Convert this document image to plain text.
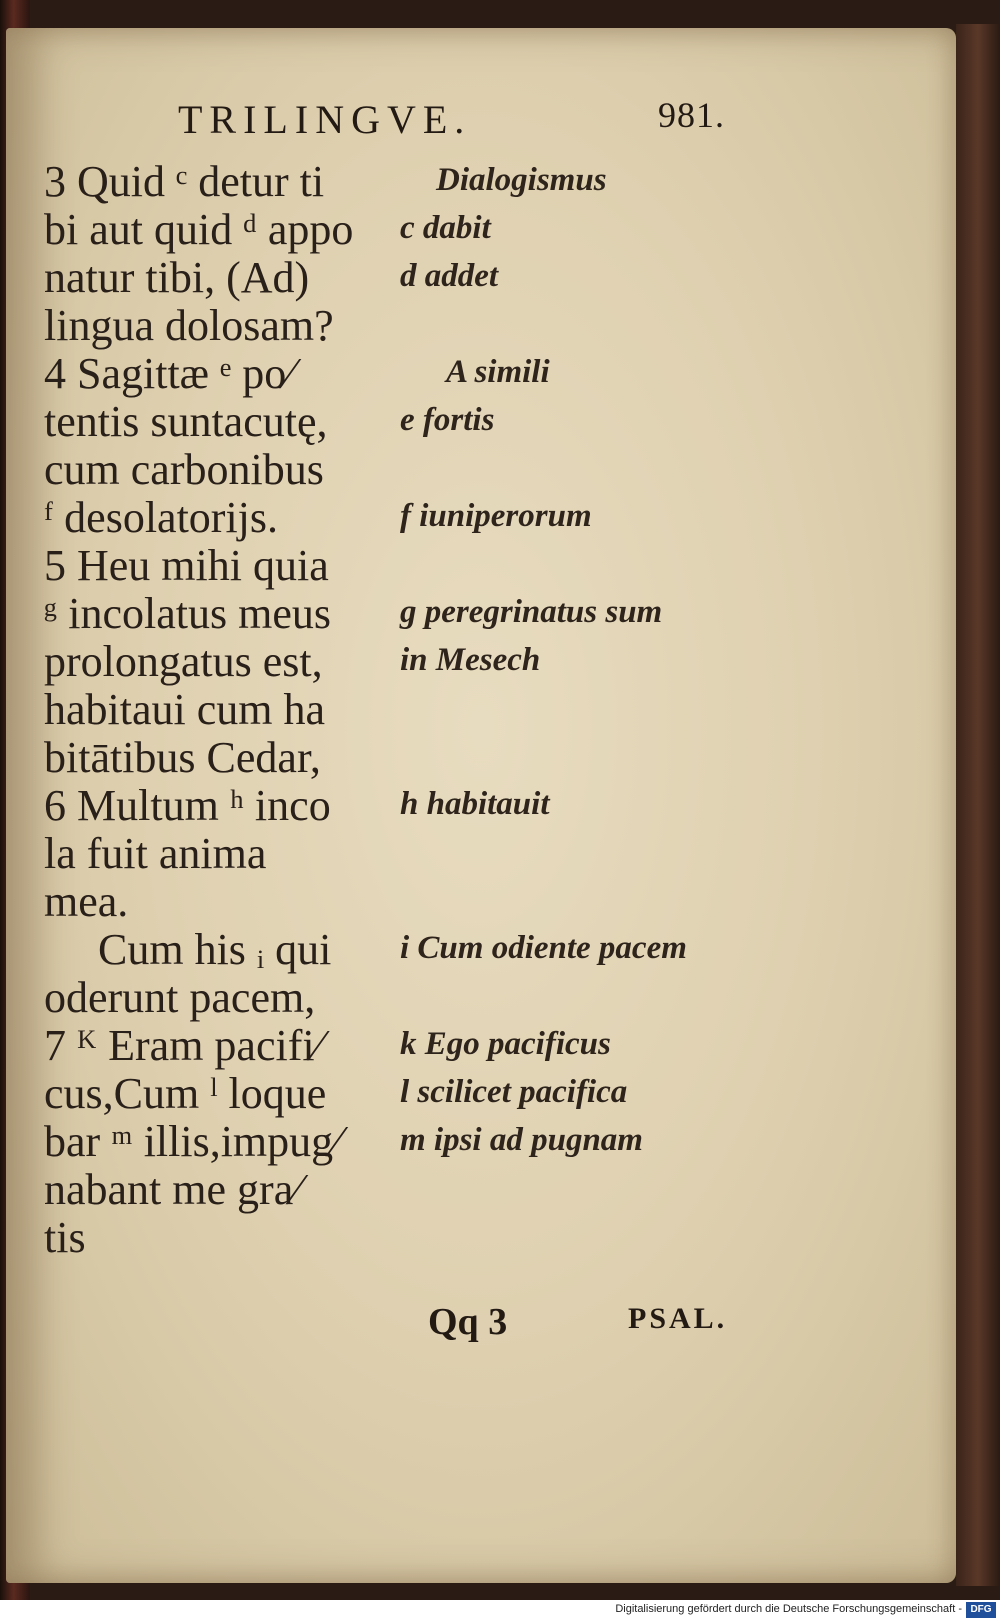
TRILINGVE.	981.
3 Quid ᶜ detur ti
bi aut quid ᵈ appo
natur tibi, (Ad)
lingua dolosam?
4 Sagittæ ᵉ po⁄
tentis suntacutę,
cum carbonibus
ᶠ desolatorijs.
5 Heu mihi quia
ᵍ incolatus meus
prolongatus est,
habitaui cum ha
bitātibus Cedar,
6 Multum ʰ inco
la fuit anima
mea.
Cum his ᵢ qui
oderunt pacem,
7 ᴷ Eram pacifi⁄
cus,Cum ˡ loque
bar ᵐ illis,impug⁄
nabant me gra⁄
tis
Dialogismus
c dabit
d addet
A simili
e fortis
f iuniperorum
g peregrinatus sum
in Mesech
h habitauit
i Cum odiente pacem
k Ego pacificus
l scilicet pacifica
m ipsi ad pugnam
Qq 3	PSAL.
Digitalisierung gefördert durch die Deutsche Forschungsgemeinschaft - DFG
